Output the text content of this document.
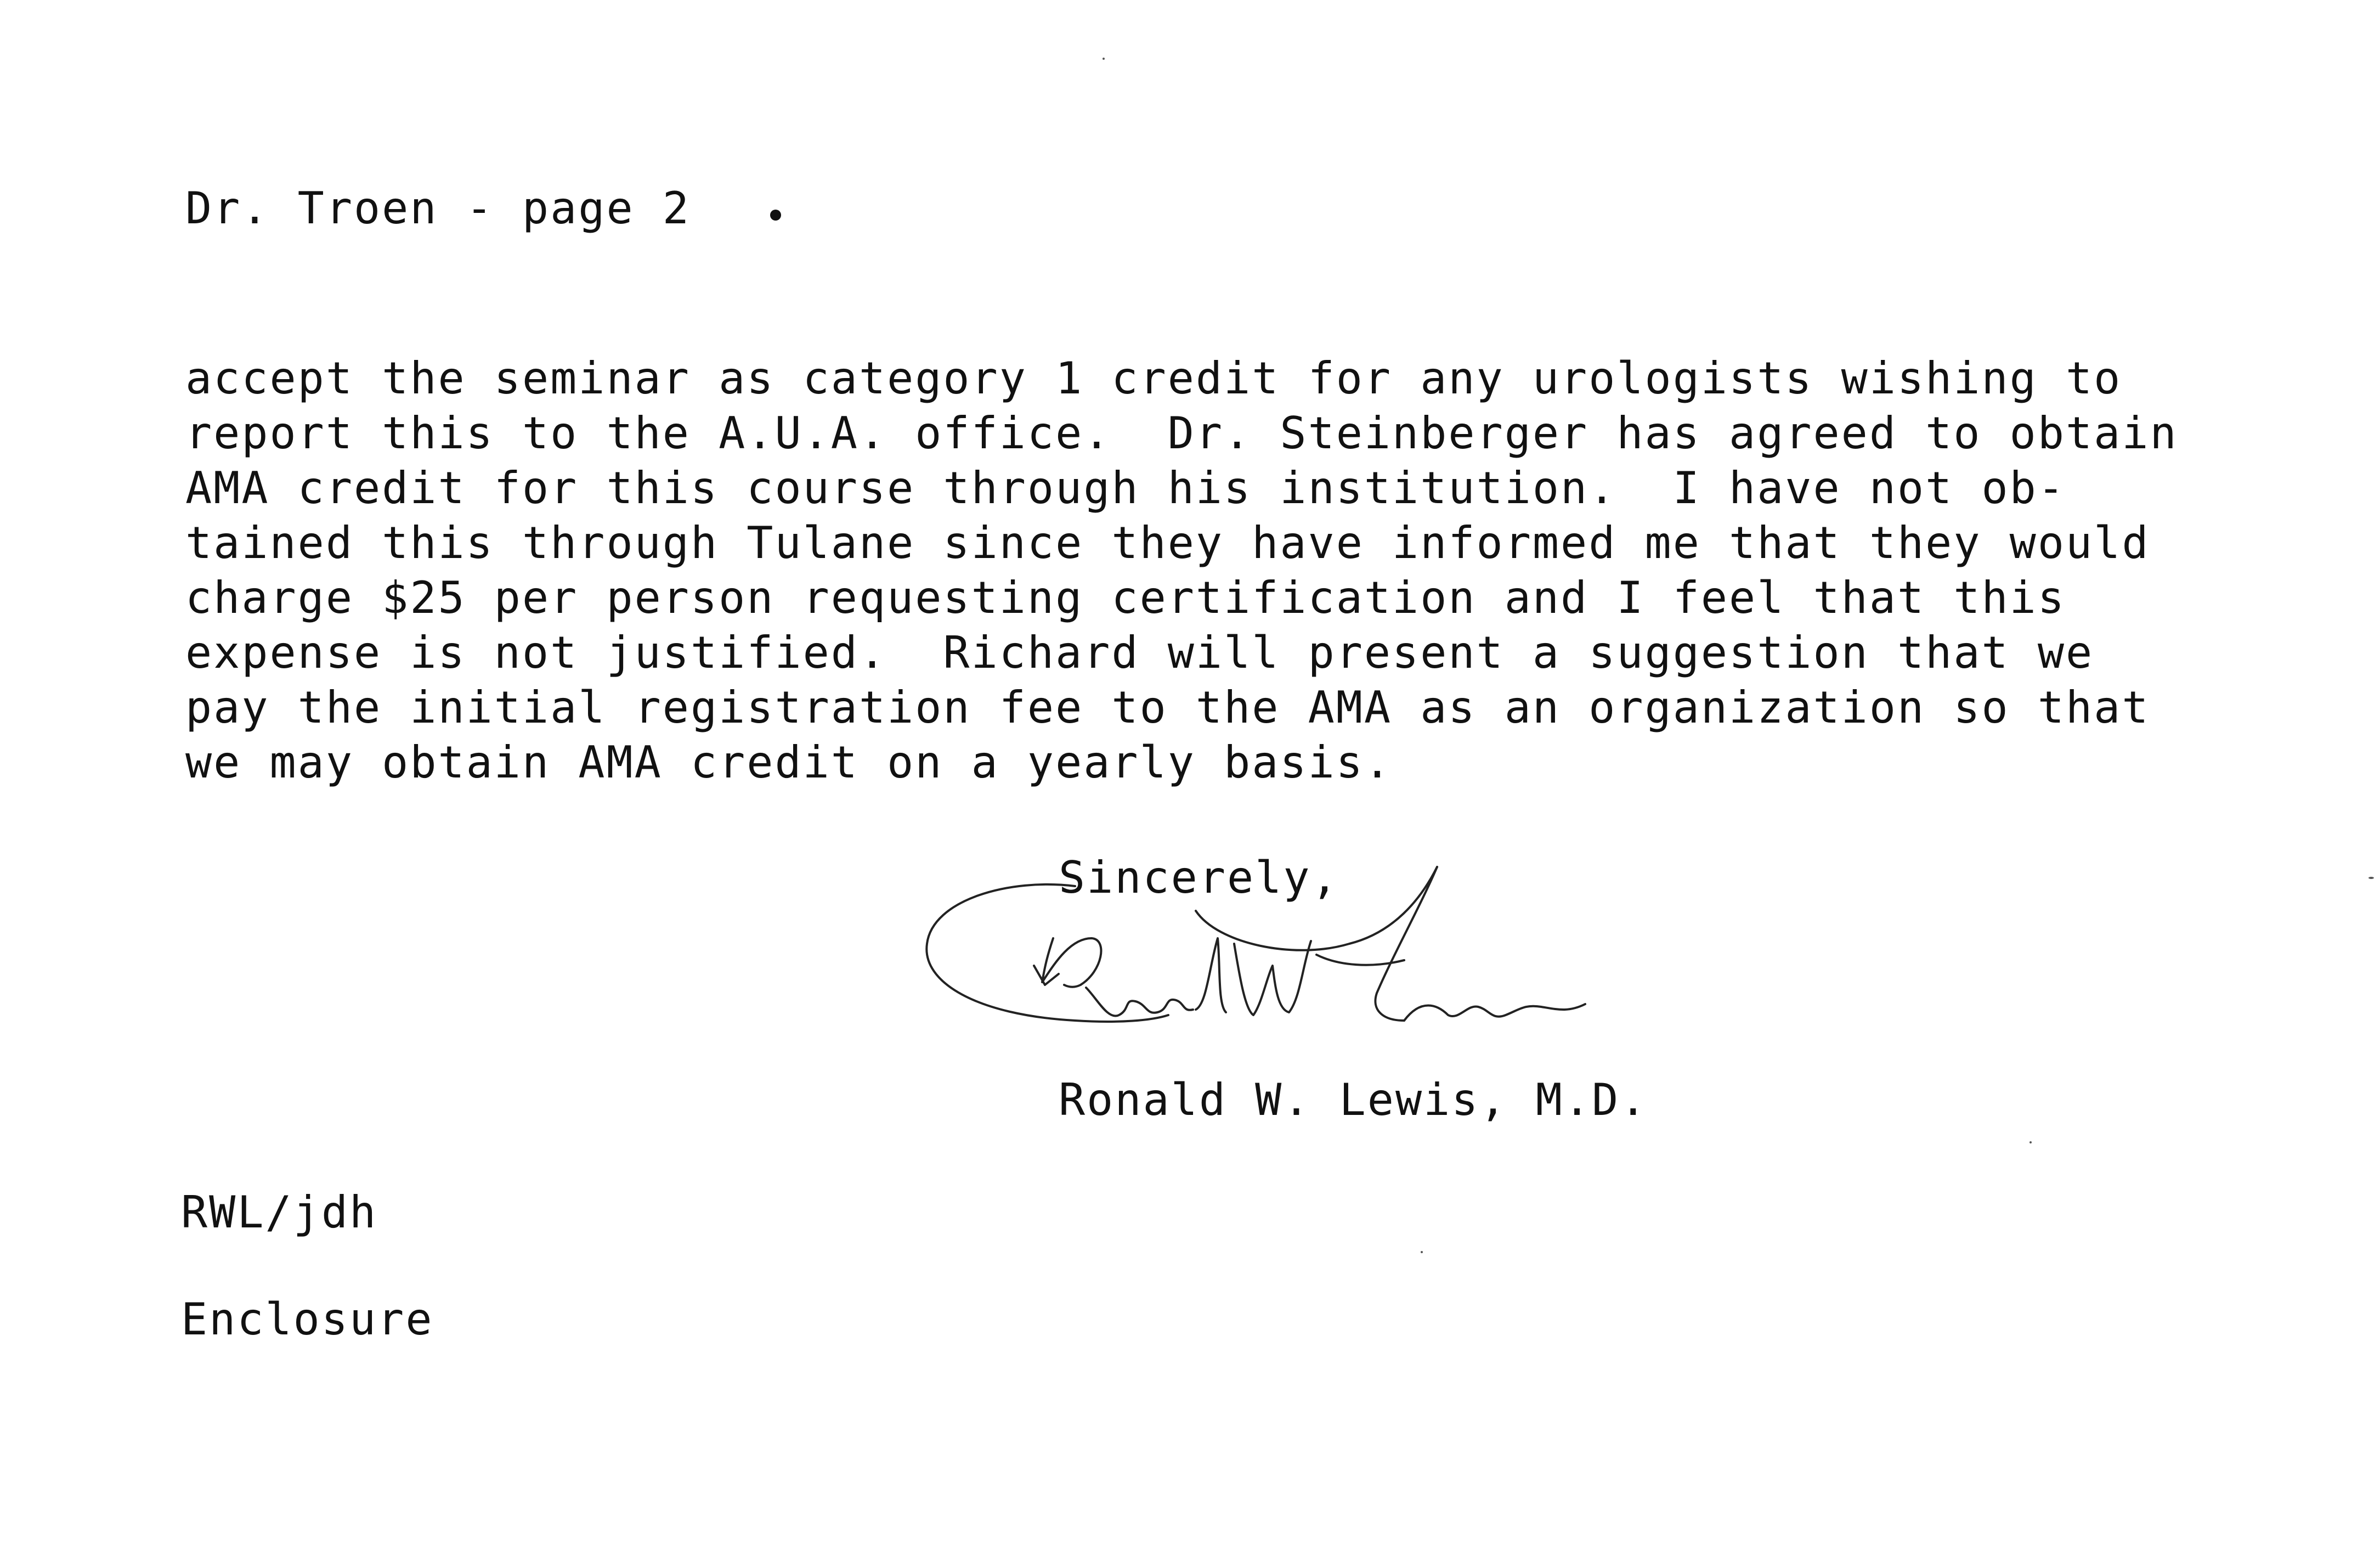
Dr. Troen - page 2
accept the seminar as category 1 credit for any urologists wishing to
report this to the A.U.A. office.  Dr. Steinberger has agreed to obtain
AMA credit for this course through his institution.  I have not ob-
tained this through Tulane since they have informed me that they would
charge $25 per person requesting certification and I feel that this
expense is not justified.  Richard will present a suggestion that we
pay the initial registration fee to the AMA as an organization so that
we may obtain AMA credit on a yearly basis.
Sincerely,
Ronald W. Lewis, M.D.
RWL/jdh
Enclosure
